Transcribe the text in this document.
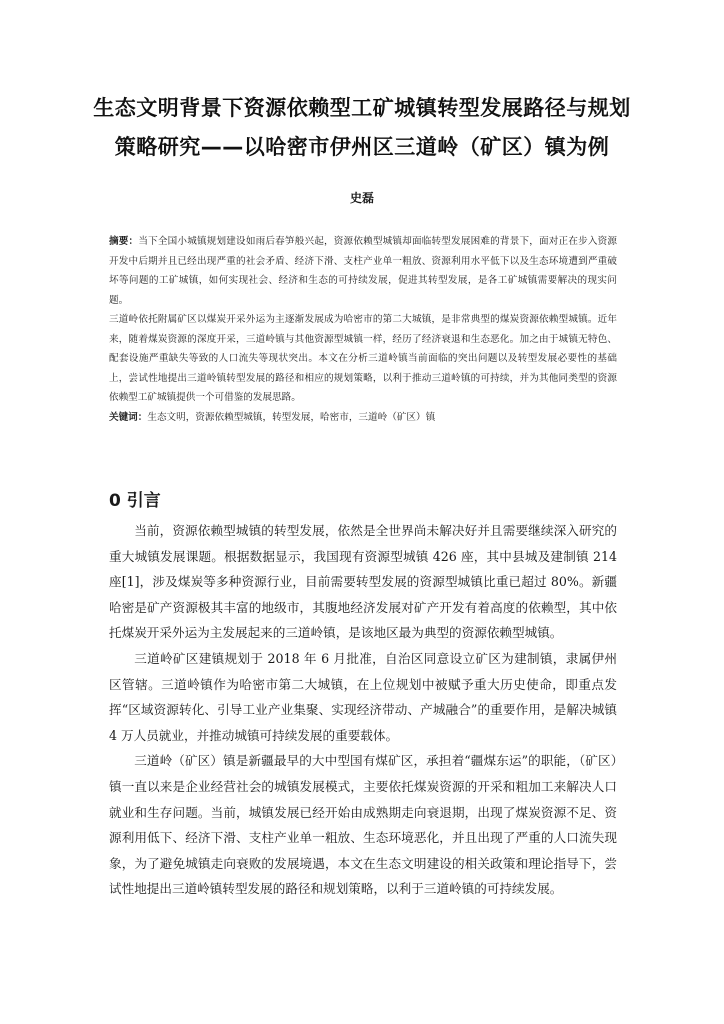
生态文明背景下资源依赖型工矿城镇转型发展路径与规划
策略研究——以哈密市伊州区三道岭（矿区）镇为例
史磊

摘要：当下全国小城镇规划建设如雨后春笋般兴起，资源依赖型城镇却面临转型发展困难的背景下，面对正在步入资源开发中后期并且已经出现严重的社会矛盾、经济下滑、支柱产业单一粗放、资源利用水平低下以及生态环境遭到严重破坏等问题的工矿城镇，如何实现社会、经济和生态的可持续发展，促进其转型发展，是各工矿城镇需要解决的现实问题。

三道岭依托附属矿区以煤炭开采外运为主逐渐发展成为哈密市的第二大城镇，是非常典型的煤炭资源依赖型城镇。近年来，随着煤炭资源的深度开采，三道岭镇与其他资源型城镇一样，经历了经济衰退和生态恶化。加之由于城镇无特色、配套设施严重缺失等致的人口流失等现状突出。本文在分析三道岭镇当前面临的突出问题以及转型发展必要性的基础上，尝试性地提出三道岭镇转型发展的路径和相应的规划策略，以利于推动三道岭镇的可持续，并为其他同类型的资源依赖型工矿城镇提供一个可借鉴的发展思路。

关键词：生态文明，资源依赖型城镇，转型发展，哈密市，三道岭（矿区）镇

0 引言

当前，资源依赖型城镇的转型发展，依然是全世界尚未解决好并且需要继续深入研究的重大城镇发展课题。根据数据显示，我国现有资源型城镇 426 座，其中县城及建制镇 214 座[1]，涉及煤炭等多种资源行业，目前需要转型发展的资源型城镇比重已超过 80%。新疆哈密是矿产资源极其丰富的地级市，其腹地经济发展对矿产开发有着高度的依赖型，其中依托煤炭开采外运为主发展起来的三道岭镇，是该地区最为典型的资源依赖型城镇。

三道岭矿区建镇规划于 2018 年 6 月批准，自治区同意设立矿区为建制镇，隶属伊州区管辖。三道岭镇作为哈密市第二大城镇，在上位规划中被赋予重大历史使命，即重点发挥“区域资源转化、引导工业产业集聚、实现经济带动、产城融合”的重要作用，是解决城镇 4 万人员就业，并推动城镇可持续发展的重要载体。

三道岭（矿区）镇是新疆最早的大中型国有煤矿区，承担着“疆煤东运”的职能，（矿区）镇一直以来是企业经营社会的城镇发展模式，主要依托煤炭资源的开采和粗加工来解决人口就业和生存问题。当前，城镇发展已经开始由成熟期走向衰退期，出现了煤炭资源不足、资源利用低下、经济下滑、支柱产业单一粗放、生态环境恶化，并且出现了严重的人口流失现象，为了避免城镇走向衰败的发展境遇，本文在生态文明建设的相关政策和理论指导下，尝试性地提出三道岭镇转型发展的路径和规划策略，以利于三道岭镇的可持续发展。
